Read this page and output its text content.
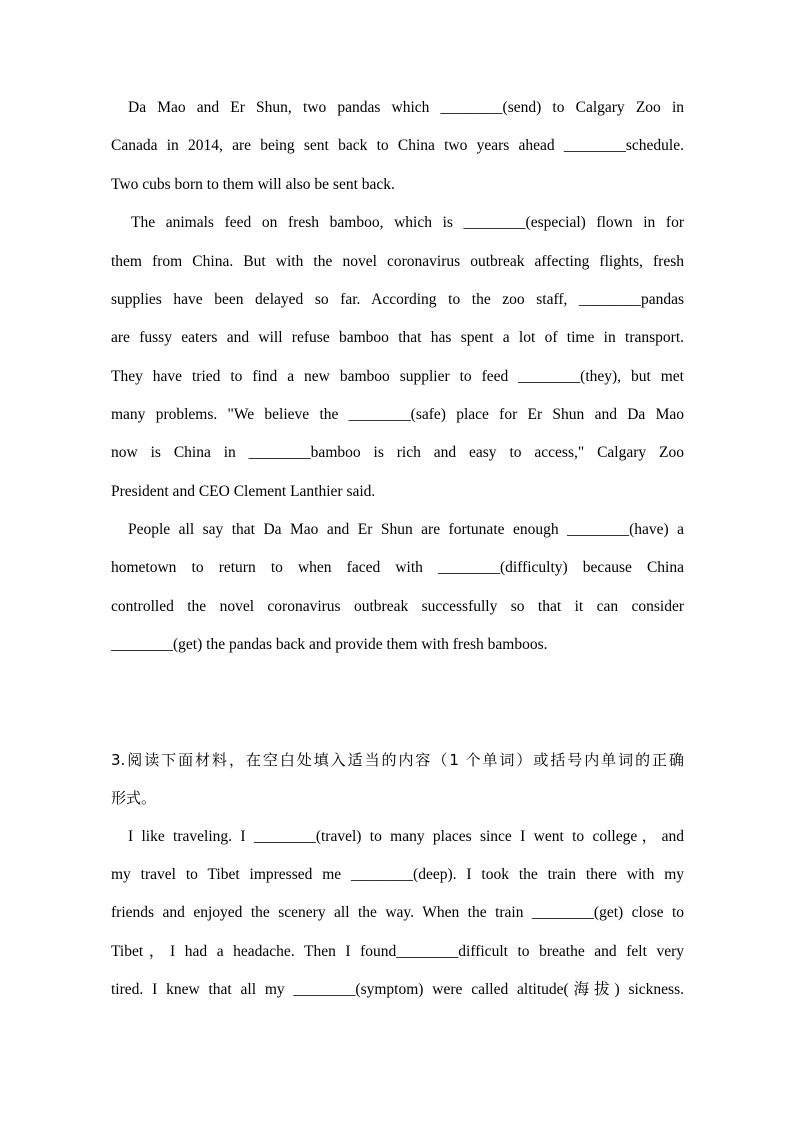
Da Mao and Er Shun, two pandas which ________(send) to Calgary Zoo in
Canada in 2014, are being sent back to China two years ahead ________schedule.
Two cubs born to them will also be sent back.
The animals feed on fresh bamboo, which is ________(especial) flown in for
them from China. But with the novel coronavirus outbreak affecting flights, fresh
supplies have been delayed so far. According to the zoo staff, ________pandas
are fussy eaters and will refuse bamboo that has spent a lot of time in transport.
They have tried to find a new bamboo supplier to feed ________(they), but met
many problems. "We believe the ________(safe) place for Er Shun and Da Mao
now is China in ________bamboo is rich and easy to access," Calgary Zoo
President and CEO Clement Lanthier said.
People all say that Da Mao and Er Shun are fortunate enough ________(have) a
hometown to return to when faced with ________(difficulty) because China
controlled the novel coronavirus outbreak successfully so that it can consider
________(get) the pandas back and provide them with fresh bamboos.
3.阅读下面材料，在空白处填入适当的内容（1 个单词）或括号内单词的正确
形式。
I like traveling. I ________(travel) to many places since I went to college，and
my travel to Tibet impressed me ________(deep). I took the train there with my
friends and enjoyed the scenery all the way. When the train ________(get) close to
Tibet，I had a headache. Then I found________difficult to breathe and felt very
tired. I knew that all my ________(symptom) were called altitude(海拔) sickness.
